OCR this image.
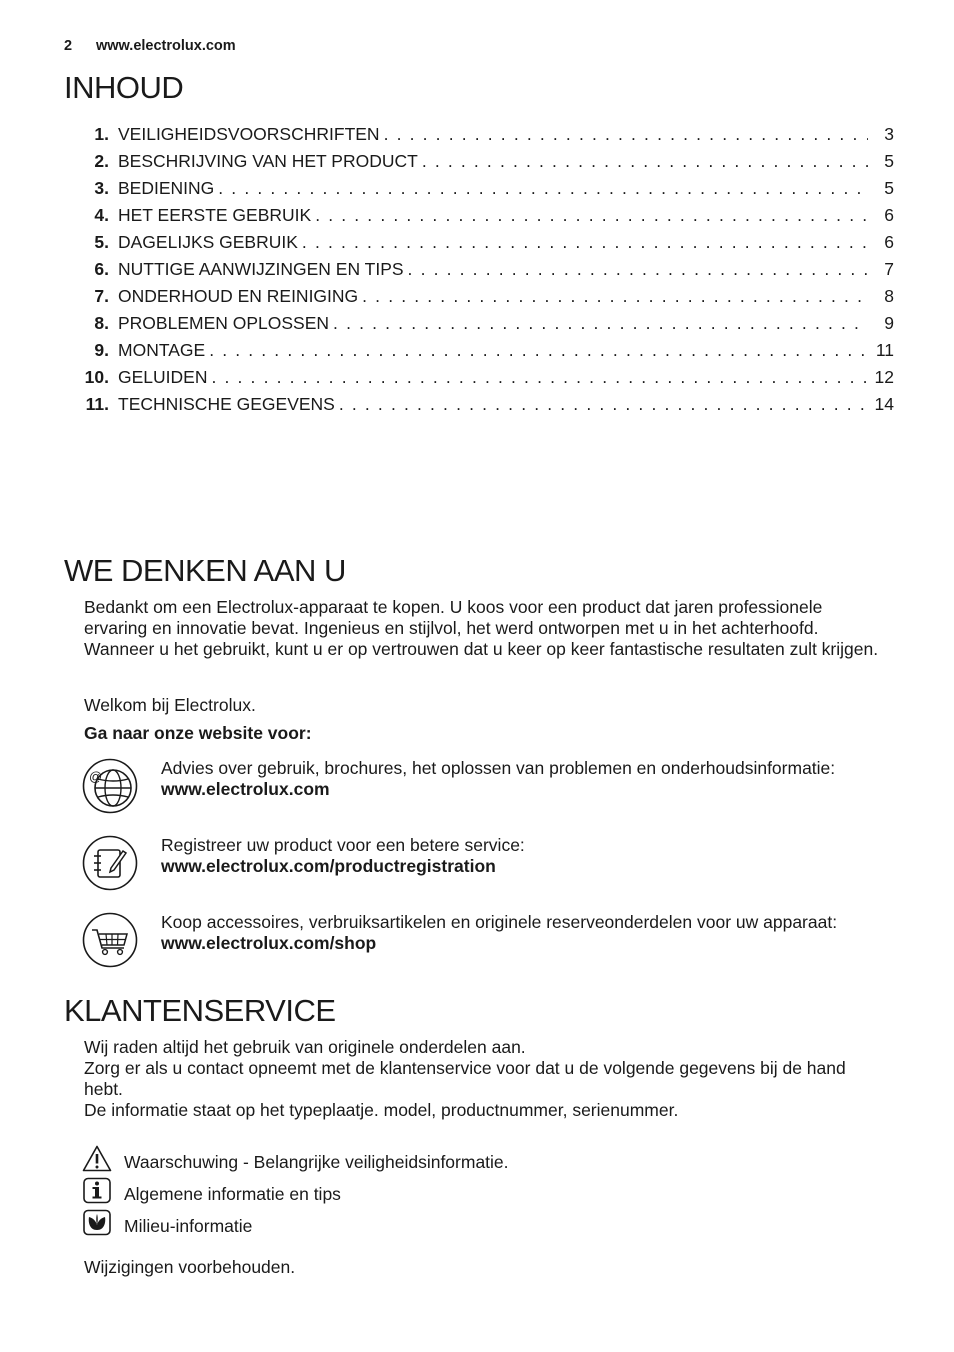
2 www.electrolux.com
INHOUD
1. VEILIGHEIDSVOORSCHRIFTEN . . .	3
2. BESCHRIJVING VAN HET PRODUCT . . .	5
3. BEDIENING . . .	5
4. HET EERSTE GEBRUIK . . .	6
5. DAGELIJKS GEBRUIK . . .	6
6. NUTTIGE AANWIJZINGEN EN TIPS . . .	7
7. ONDERHOUD EN REINIGING . . .	8
8. PROBLEMEN OPLOSSEN . . .	9
9. MONTAGE . . .	11
10. GELUIDEN . . .	12
11. TECHNISCHE GEGEVENS . . .	14
WE DENKEN AAN U

Bedankt om een Electrolux-apparaat te kopen. U koos voor een product dat jaren professionele ervaring en innovatie bevat. Ingenieus en stijlvol, het werd ontworpen met u in het achterhoofd. Wanneer u het gebruikt, kunt u er op vertrouwen dat u keer op keer fantastische resultaten zult krijgen.

Welkom bij Electrolux.

Ga naar onze website voor:

@	Advies over gebruik, brochures, het oplossen van problemen en onderhoudsinformatie:
www.electrolux.com
Registreer uw product voor een betere service:
www.electrolux.com/productregistration
Koop accessoires, verbruiksartikelen en originele reserveonderdelen voor uw apparaat:
www.electrolux.com/shop
KLANTENSERVICE

Wij raden altijd het gebruik van originele onderdelen aan.

Zorg er als u contact opneemt met de klantenservice voor dat u de volgende gegevens bij de hand hebt.

De informatie staat op het typeplaatje. model, productnummer, serienummer.

Waarschuwing - Belangrijke veiligheidsinformatie.
Algemene informatie en tips
Milieu-informatie

Wijzigingen voorbehouden.
